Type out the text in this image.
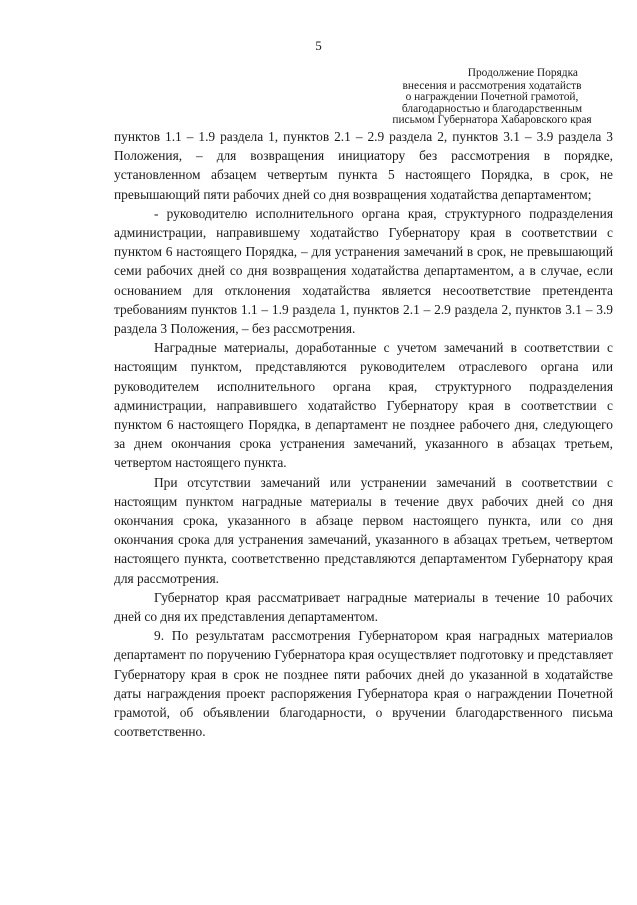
5
Продолжение Порядка
внесения и рассмотрения ходатайств
о награждении Почетной грамотой,
благодарностью и благодарственным
письмом Губернатора Хабаровского края

пунктов 1.1 – 1.9 раздела 1, пунктов 2.1 – 2.9 раздела 2, пунктов 3.1 – 3.9 раздела 3 Положения, – для возвращения инициатору без рассмотрения в порядке, установленном абзацем четвертым пункта 5 настоящего Порядка, в срок, не превышающий пяти рабочих дней со дня возвращения ходатайства департаментом;

- руководителю исполнительного органа края, структурного подразделения администрации, направившему ходатайство Губернатору края в соответствии с пунктом 6 настоящего Порядка, – для устранения замечаний в срок, не превышающий семи рабочих дней со дня возвращения ходатайства департаментом, а в случае, если основанием для отклонения ходатайства является несоответствие претендента требованиям пунктов 1.1 – 1.9 раздела 1, пунктов 2.1 – 2.9 раздела 2, пунктов 3.1 – 3.9 раздела 3 Положения, – без рассмотрения.

Наградные материалы, доработанные с учетом замечаний в соответствии с настоящим пунктом, представляются руководителем отраслевого органа или руководителем исполнительного органа края, структурного подразделения администрации, направившего ходатайство Губернатору края в соответствии с пунктом 6 настоящего Порядка, в департамент не позднее рабочего дня, следующего за днем окончания срока устранения замечаний, указанного в абзацах третьем, четвертом настоящего пункта.

При отсутствии замечаний или устранении замечаний в соответствии с настоящим пунктом наградные материалы в течение двух рабочих дней со дня окончания срока, указанного в абзаце первом настоящего пункта, или со дня окончания срока для устранения замечаний, указанного в абзацах третьем, четвертом настоящего пункта, соответственно представляются департаментом Губернатору края для рассмотрения.

Губернатор края рассматривает наградные материалы в течение 10 рабочих дней со дня их представления департаментом.

9. По результатам рассмотрения Губернатором края наградных материалов департамент по поручению Губернатора края осуществляет подготовку и представляет Губернатору края в срок не позднее пяти рабочих дней до указанной в ходатайстве даты награждения проект распоряжения Губернатора края о награждении Почетной грамотой, об объявлении благодарности, о вручении благодарственного письма соответственно.
